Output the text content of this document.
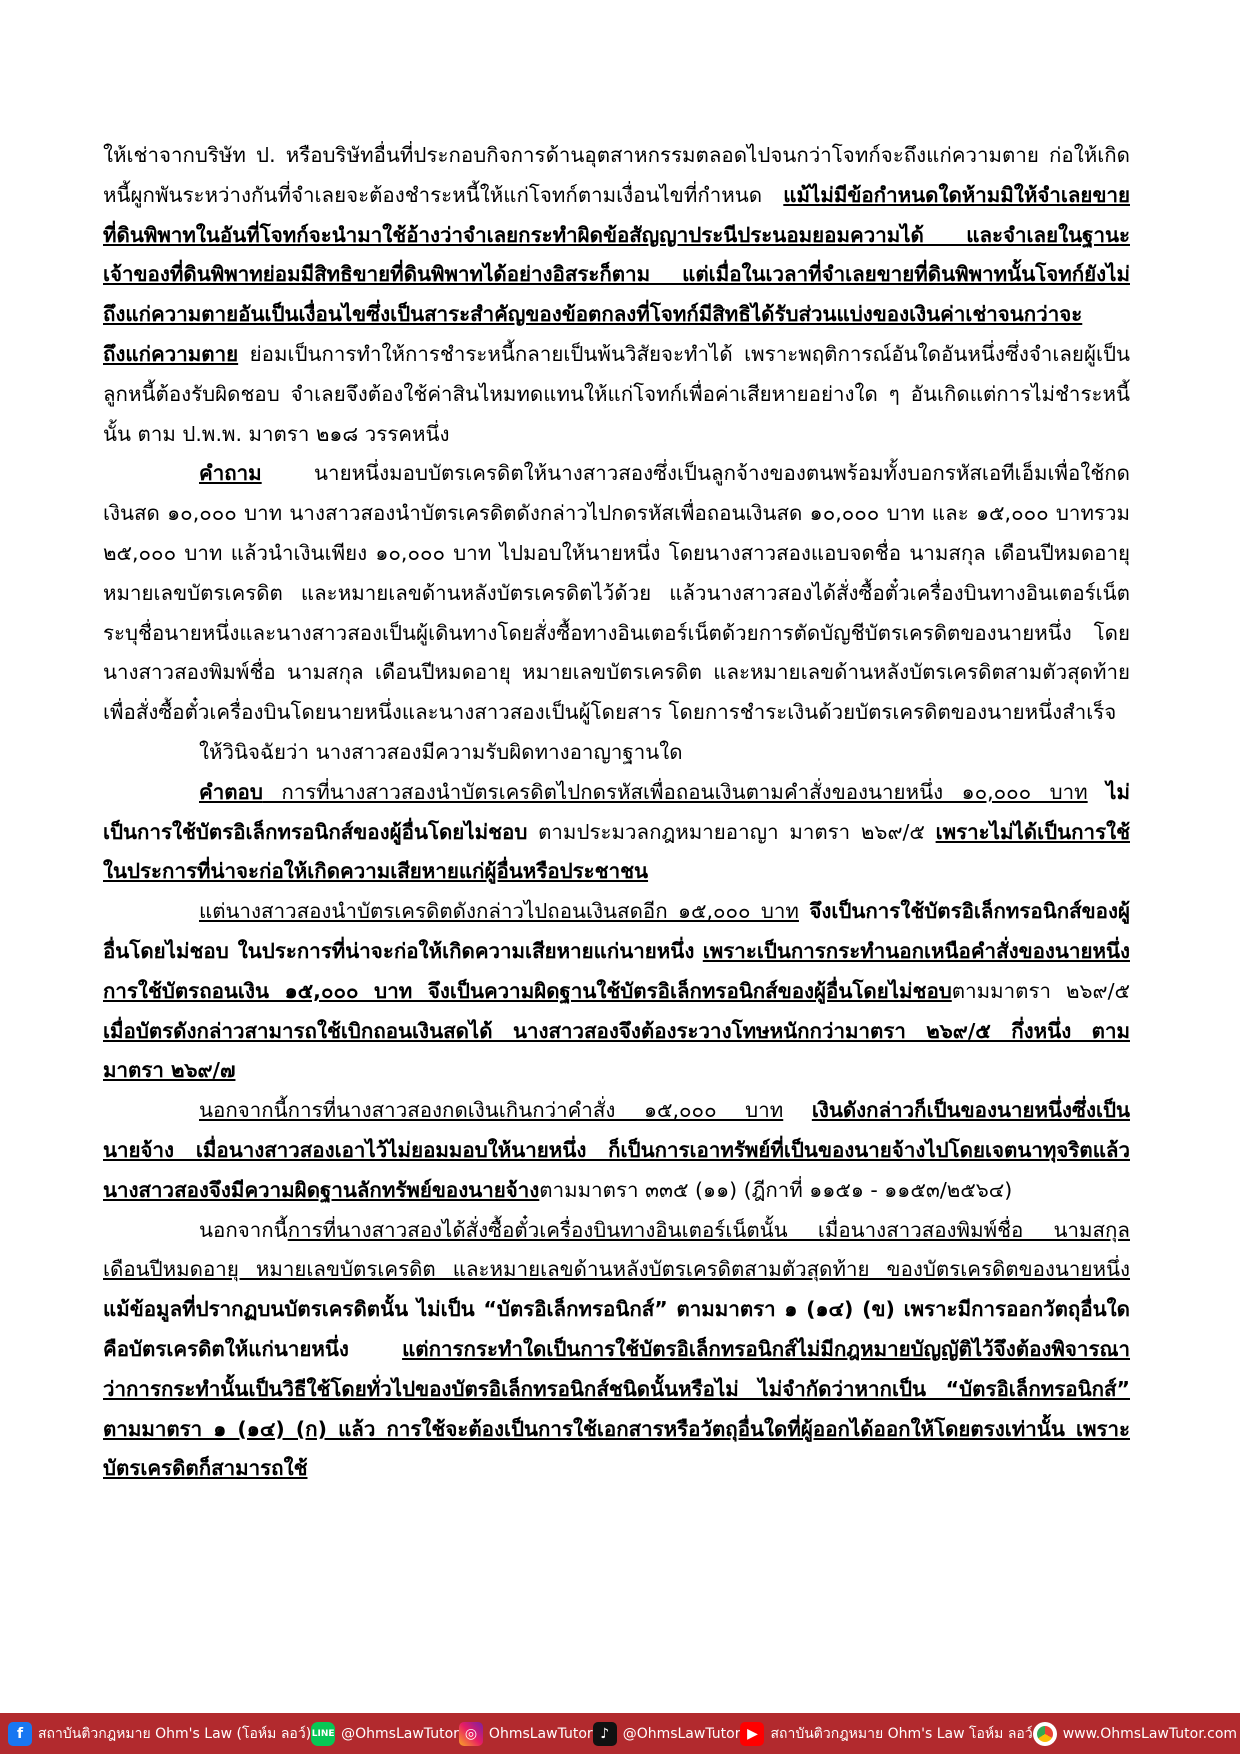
ให้เช่าจากบริษัท ป. หรือบริษัทอื่นที่ประกอบกิจการด้านอุตสาหกรรมตลอดไปจนกว่าโจทก์จะถึงแก่ความตาย ก่อให้เกิดหนี้ผูกพันระหว่างกันที่จำเลยจะต้องชำระหนี้ให้แก่โจทก์ตามเงื่อนไขที่กำหนด แม้ไม่มีข้อกำหนดใดห้ามมิให้จำเลยขายที่ดินพิพาทในอันที่โจทก์จะนำมาใช้อ้างว่าจำเลยกระทำผิดข้อสัญญาประนีประนอมยอมความได้ และจำเลยในฐานะเจ้าของที่ดินพิพาทย่อมมีสิทธิขายที่ดินพิพาทได้อย่างอิสระก็ตาม แต่เมื่อในเวลาที่จำเลยขายที่ดินพิพาทนั้นโจทก์ยังไม่ถึงแก่ความตายอันเป็นเงื่อนไขซึ่งเป็นสาระสำคัญของข้อตกลงที่โจทก์มีสิทธิได้รับส่วนแบ่งของเงินค่าเช่าจนกว่าจะถึงแก่ความตาย ย่อมเป็นการทำให้การชำระหนี้กลายเป็นพ้นวิสัยจะทำได้ เพราะพฤติการณ์อันใดอันหนึ่งซึ่งจำเลยผู้เป็นลูกหนี้ต้องรับผิดชอบ จำเลยจึงต้องใช้ค่าสินไหมทดแทนให้แก่โจทก์เพื่อค่าเสียหายอย่างใด ๆ อันเกิดแต่การไม่ชำระหนี้นั้น ตาม ป.พ.พ. มาตรา ๒๑๘ วรรคหนึ่ง

คำถาม นายหนึ่งมอบบัตรเครดิตให้นางสาวสองซึ่งเป็นลูกจ้างของตนพร้อมทั้งบอกรหัสเอทีเอ็มเพื่อใช้กดเงินสด ๑๐,๐๐๐ บาท นางสาวสองนำบัตรเครดิตดังกล่าวไปกดรหัสเพื่อถอนเงินสด ๑๐,๐๐๐ บาท และ ๑๕,๐๐๐ บาทรวม ๒๕,๐๐๐ บาท แล้วนำเงินเพียง ๑๐,๐๐๐ บาท ไปมอบให้นายหนึ่ง โดยนางสาวสองแอบจดชื่อ นามสกุล เดือนปีหมดอายุ หมายเลขบัตรเครดิต และหมายเลขด้านหลังบัตรเครดิตไว้ด้วย แล้วนางสาวสองได้สั่งซื้อตั๋วเครื่องบินทางอินเตอร์เน็ต ระบุชื่อนายหนึ่งและนางสาวสองเป็นผู้เดินทางโดยสั่งซื้อทางอินเตอร์เน็ตด้วยการตัดบัญชีบัตรเครดิตของนายหนึ่ง โดยนางสาวสองพิมพ์ชื่อ นามสกุล เดือนปีหมดอายุ หมายเลขบัตรเครดิต และหมายเลขด้านหลังบัตรเครดิตสามตัวสุดท้ายเพื่อสั่งซื้อตั๋วเครื่องบินโดยนายหนึ่งและนางสาวสองเป็นผู้โดยสาร โดยการชำระเงินด้วยบัตรเครดิตของนายหนึ่งสำเร็จ

ให้วินิจฉัยว่า นางสาวสองมีความรับผิดทางอาญาฐานใด

คำตอบ การที่นางสาวสองนำบัตรเครดิตไปกดรหัสเพื่อถอนเงินตามคำสั่งของนายหนึ่ง ๑๐,๐๐๐ บาท ไม่เป็นการใช้บัตรอิเล็กทรอนิกส์ของผู้อื่นโดยไม่ชอบ ตามประมวลกฎหมายอาญา มาตรา ๒๖๙/๕ เพราะไม่ได้เป็นการใช้ในประการที่น่าจะก่อให้เกิดความเสียหายแก่ผู้อื่นหรือประชาชน

แต่นางสาวสองนำบัตรเครดิตดังกล่าวไปถอนเงินสดอีก ๑๕,๐๐๐ บาท จึงเป็นการใช้บัตรอิเล็กทรอนิกส์ของผู้อื่นโดยไม่ชอบ ในประการที่น่าจะก่อให้เกิดความเสียหายแก่นายหนึ่ง เพราะเป็นการกระทำนอกเหนือคำสั่งของนายหนึ่ง การใช้บัตรถอนเงิน ๑๕,๐๐๐ บาท จึงเป็นความผิดฐานใช้บัตรอิเล็กทรอนิกส์ของผู้อื่นโดยไม่ชอบตามมาตรา ๒๖๙/๕ เมื่อบัตรดังกล่าวสามารถใช้เบิกถอนเงินสดได้ นางสาวสองจึงต้องระวางโทษหนักกว่ามาตรา ๒๖๙/๕ กึ่งหนึ่ง ตามมาตรา ๒๖๙/๗

นอกจากนี้การที่นางสาวสองกดเงินเกินกว่าคำสั่ง ๑๕,๐๐๐ บาท เงินดังกล่าวก็เป็นของนายหนึ่งซึ่งเป็นนายจ้าง เมื่อนางสาวสองเอาไว้ไม่ยอมมอบให้นายหนึ่ง ก็เป็นการเอาทรัพย์ที่เป็นของนายจ้างไปโดยเจตนาทุจริตแล้ว นางสาวสองจึงมีความผิดฐานลักทรัพย์ของนายจ้างตามมาตรา ๓๓๕ (๑๑) (ฎีกาที่ ๑๑๕๑ - ๑๑๕๓/๒๕๖๔)

นอกจากนี้การที่นางสาวสองได้สั่งซื้อตั๋วเครื่องบินทางอินเตอร์เน็ตนั้น เมื่อนางสาวสองพิมพ์ชื่อ นามสกุล เดือนปีหมดอายุ หมายเลขบัตรเครดิต และหมายเลขด้านหลังบัตรเครดิตสามตัวสุดท้าย ของบัตรเครดิตของนายหนึ่ง แม้ข้อมูลที่ปรากฏบนบัตรเครดิตนั้น ไม่เป็น “บัตรอิเล็กทรอนิกส์” ตามมาตรา ๑ (๑๔) (ข) เพราะมีการออกวัตถุอื่นใดคือบัตรเครดิตให้แก่นายหนึ่ง	แต่การกระทำใดเป็นการใช้บัตรอิเล็กทรอนิกส์ไม่มีกฎหมายบัญญัติไว้จึงต้องพิจารณาว่าการกระทำนั้นเป็นวิธีใช้โดยทั่วไปของบัตรอิเล็กทรอนิกส์ชนิดนั้นหรือไม่ ไม่จำกัดว่าหากเป็น “บัตรอิเล็กทรอนิกส์” ตามมาตรา ๑ (๑๔) (ก) แล้ว การใช้จะต้องเป็นการใช้เอกสารหรือวัตถุอื่นใดที่ผู้ออกได้ออกให้โดยตรงเท่านั้น เพราะบัตรเครดิตก็สามารถใช้

f	สถาบันติวกฎหมาย Ohm's Law (โอห์ม ลอว์) LINE @OhmsLawTutor ◎ OhmsLawTutor ♪ @OhmsLawTutor ▶ สถาบันติวกฎหมาย Ohm's Law โอห์ม ลอว์ www.OhmsLawTutor.com
